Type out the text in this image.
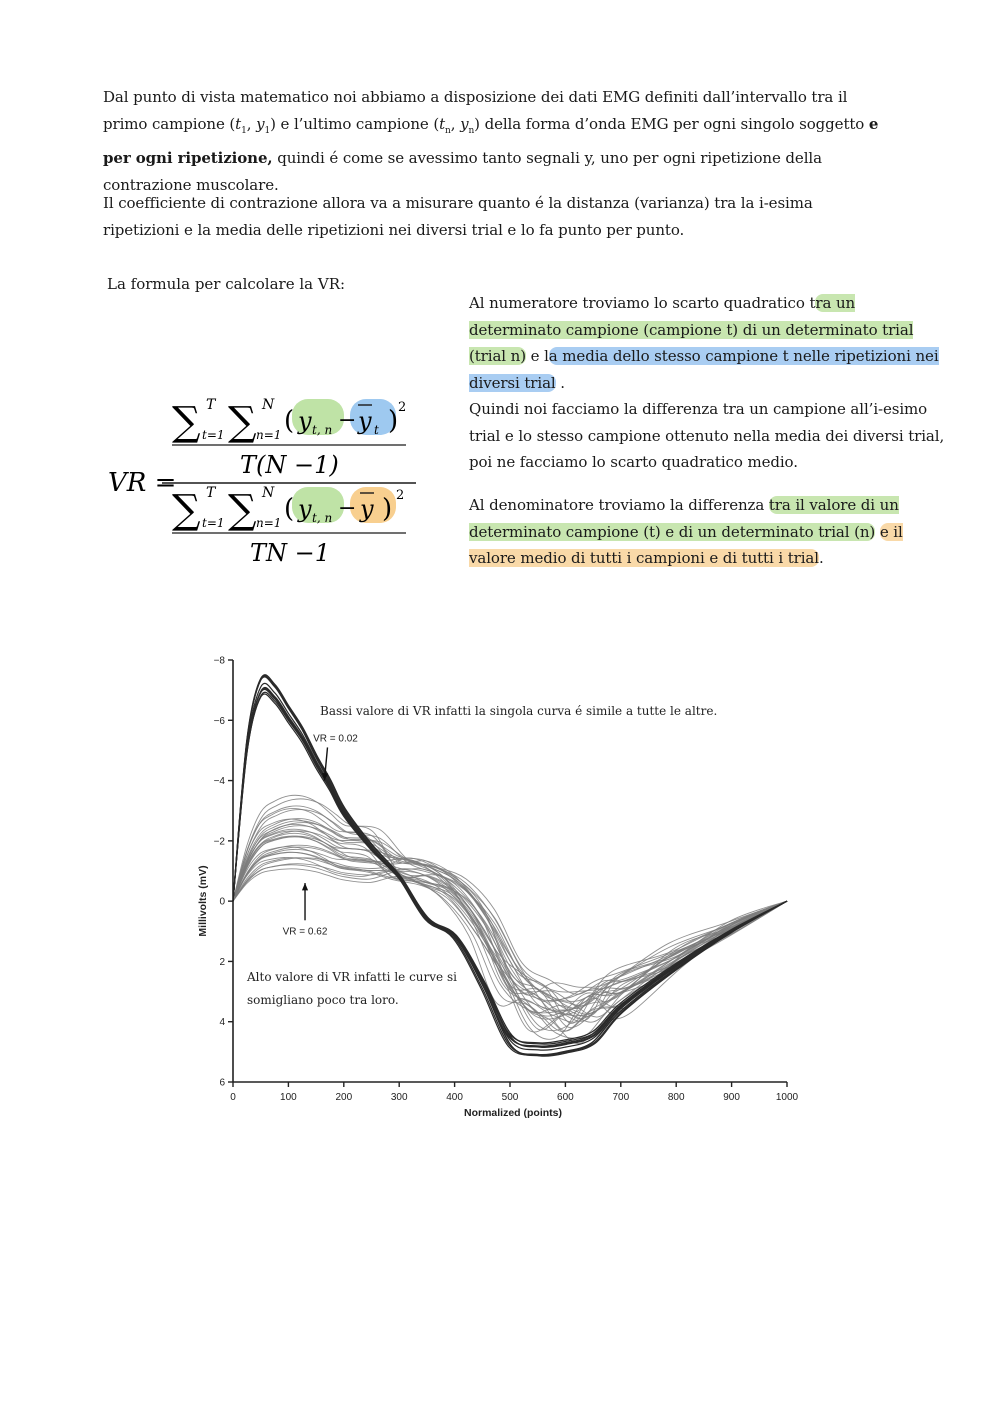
Dal punto di vista matematico noi abbiamo a disposizione dei dati EMG definiti dall’intervallo tra il primo campione ($t_1$, $y_1$) e l’ultimo campione ($t_n$, $y_n$) della forma d’onda EMG per ogni singolo soggetto e per ogni ripetizione, quindi é come se avessimo tanto segnali y, uno per ogni ripetizione della contrazione muscolare.
Il coefficiente di contrazione allora va a misurare quanto é la distanza (varianza) tra la i-esima ripetizioni e la media delle ripetizioni nei diversi trial e lo fa punto per punto.
La formula per calcolare la VR:
Al numeratore troviamo lo scarto quadratico tra un determinato campione (campione t) di un determinato trial (trial n) e la media dello stesso campione t nelle ripetizioni nei diversi trial .
Quindi noi facciamo la differenza tra un campione all’i-esimo trial e lo stesso campione ottenuto nella media dei diversi trial, poi ne facciamo lo scarto quadratico medio.
Al denominatore troviamo la differenza tra il valore di un determinato campione (t) e di un determinato trial (n) e il valore medio di tutti i campioni e di tutti i trial.
VR =
∑ T
t=1 ∑ N
n=1 ( y t, n − y t ) 2
T(N −1)
∑ T
t=1 ∑ N
n=1 ( y t, n − y ) 2
TN −1
0	100	200	300	400	500	600	700	800	900	1000
−8
−6
−4
−2
0
2
4
6
Normalized (points)
Millivolts (mV)
VR = 0.02
VR = 0.62
Bassi valore di VR infatti la singola curva é simile a tutte le altre.
Alto valore di VR infatti le curve si somigliano poco tra loro.
